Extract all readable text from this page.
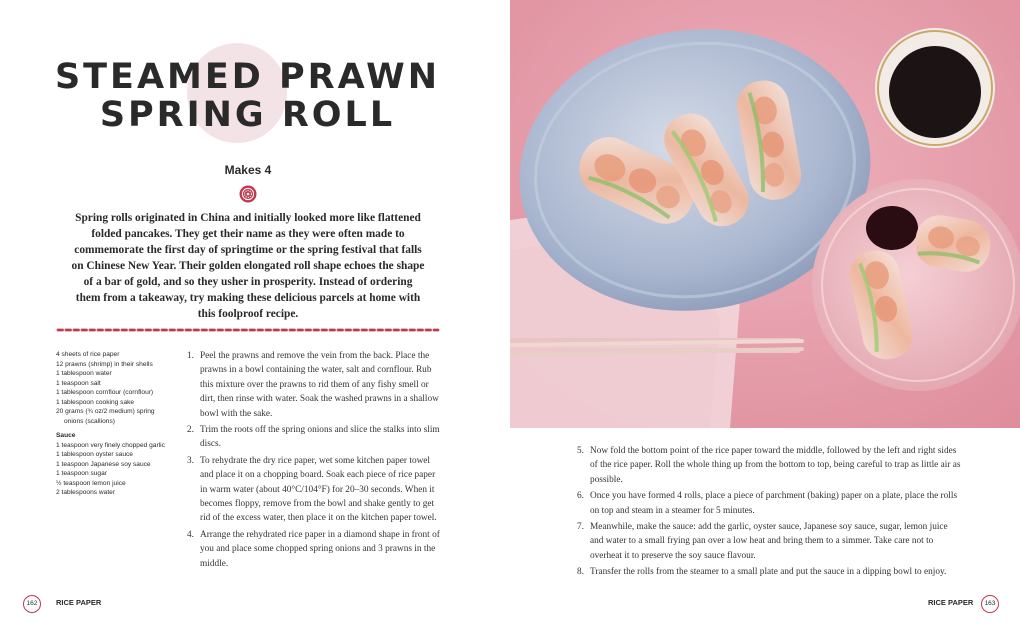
STEAMED PRAWN
SPRING ROLL
Makes 4
Spring rolls originated in China and initially looked more like flattened folded pancakes. They get their name as they were often made to commemorate the first day of springtime or the spring festival that falls on Chinese New Year. Their golden elongated roll shape echoes the shape of a bar of gold, and so they usher in prosperity. Instead of ordering them from a takeaway, try making these delicious parcels at home with this foolproof recipe.
4 sheets of rice paper
12 prawns (shrimp) in their shells
1 tablespoon water
1 teaspoon salt
1 tablespoon cornflour (cornflour)
1 tablespoon cooking sake
20 grams (¾ oz/2 medium) spring
onions (scallions)
Sauce
1 teaspoon very finely chopped garlic
1 tablespoon oyster sauce
1 teaspoon Japanese soy sauce
1 teaspoon sugar
½ teaspoon lemon juice
2 tablespoons water
1. Peel the prawns and remove the vein from the back. Place the prawns in a bowl containing the water, salt and cornflour. Rub this mixture over the prawns to rid them of any fishy smell or dirt, then rinse with water. Soak the washed prawns in a shallow bowl with the sake.
2. Trim the roots off the spring onions and slice the stalks into slim discs.
3. To rehydrate the dry rice paper, wet some kitchen paper towel and place it on a chopping board. Soak each piece of rice paper in warm water (about 40°C/104°F) for 20–30 seconds. When it becomes floppy, remove from the bowl and shake gently to get rid of the excess water, then place it on the kitchen paper towel.
4. Arrange the rehydrated rice paper in a diamond shape in front of you and place some chopped spring onions and 3 prawns in the middle.
162	RICE PAPER
5. Now fold the bottom point of the rice paper toward the middle, followed by the left and right sides of the rice paper. Roll the whole thing up from the bottom to top, being careful to trap as little air as possible.
6. Once you have formed 4 rolls, place a piece of parchment (baking) paper on a plate, place the rolls on top and steam in a steamer for 5 minutes.
7. Meanwhile, make the sauce: add the garlic, oyster sauce, Japanese soy sauce, sugar, lemon juice and water to a small frying pan over a low heat and bring them to a simmer. Take care not to overheat it to preserve the soy sauce flavour.
8. Transfer the rolls from the steamer to a small plate and put the sauce in a dipping bowl to enjoy.
RICE PAPER	163
